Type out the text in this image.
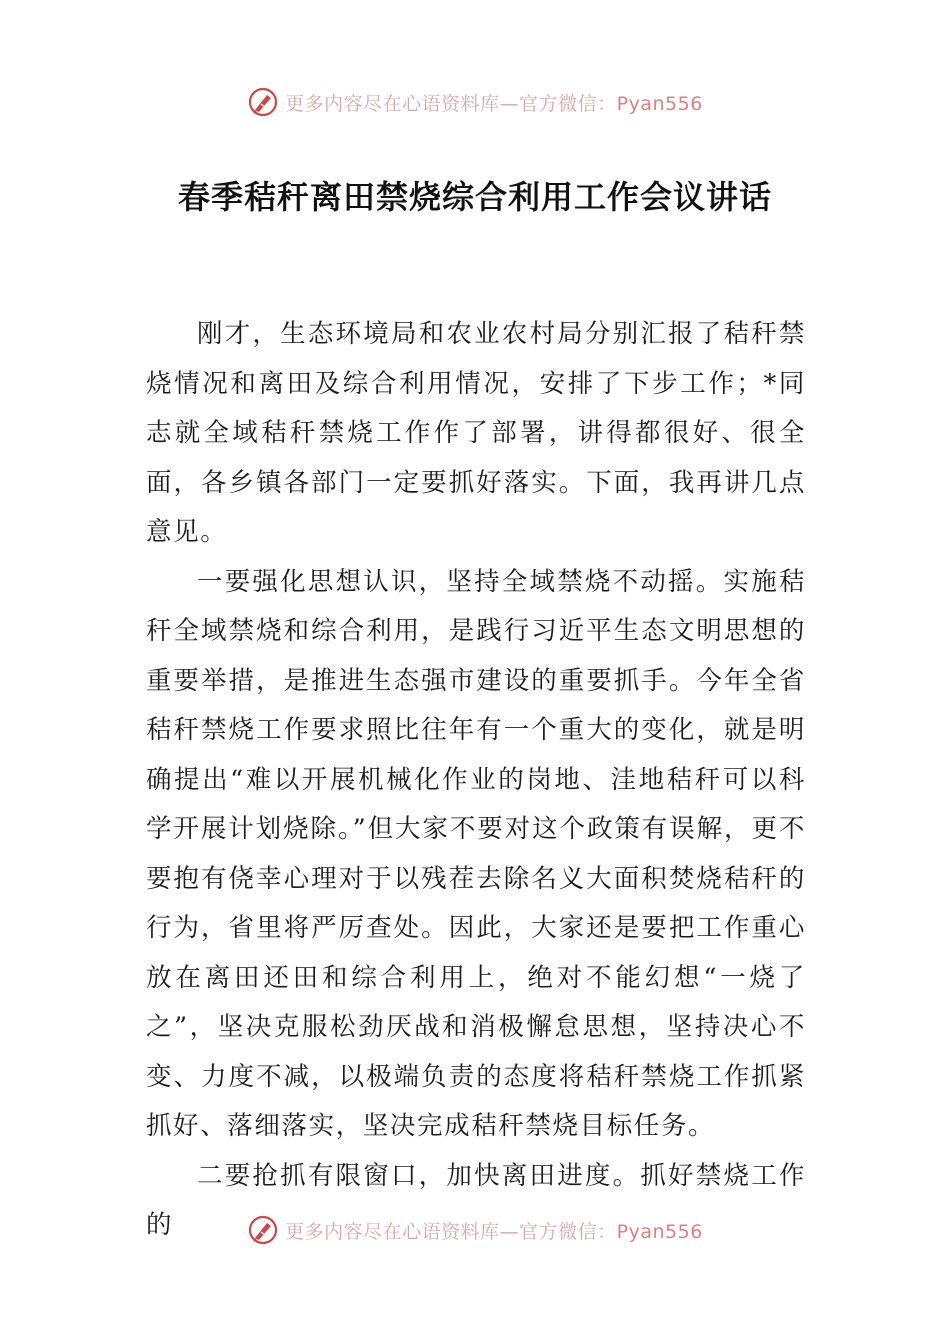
更多内容尽在心语资料库—官方微信：Pyan556
春季秸秆离田禁烧综合利用工作会议讲话

刚才，生态环境局和农业农村局分别汇报了秸秆禁烧情况和离田及综合利用情况，安排了下步工作；*同志就全域秸秆禁烧工作作了部署，讲得都很好、很全面，各乡镇各部门一定要抓好落实。下面，我再讲几点意见。

一要强化思想认识，坚持全域禁烧不动摇。实施秸秆全域禁烧和综合利用，是践行习近平生态文明思想的重要举措，是推进生态强市建设的重要抓手。今年全省秸秆禁烧工作要求照比往年有一个重大的变化，就是明确提出“难以开展机械化作业的岗地、洼地秸秆可以科学开展计划烧除。”但大家不要对这个政策有误解，更不要抱有侥幸心理对于以残茬去除名义大面积焚烧秸秆的行为，省里将严厉查处。因此，大家还是要把工作重心放在离田还田和综合利用上，绝对不能幻想“一烧了之”，坚决克服松劲厌战和消极懈怠思想，坚持决心不变、力度不减，以极端负责的态度将秸秆禁烧工作抓紧抓好、落细落实，坚决完成秸秆禁烧目标任务。

二要抢抓有限窗口，加快离田进度。抓好禁烧工作的	更多内容尽在心语资料库—官方微信：Pyan556
